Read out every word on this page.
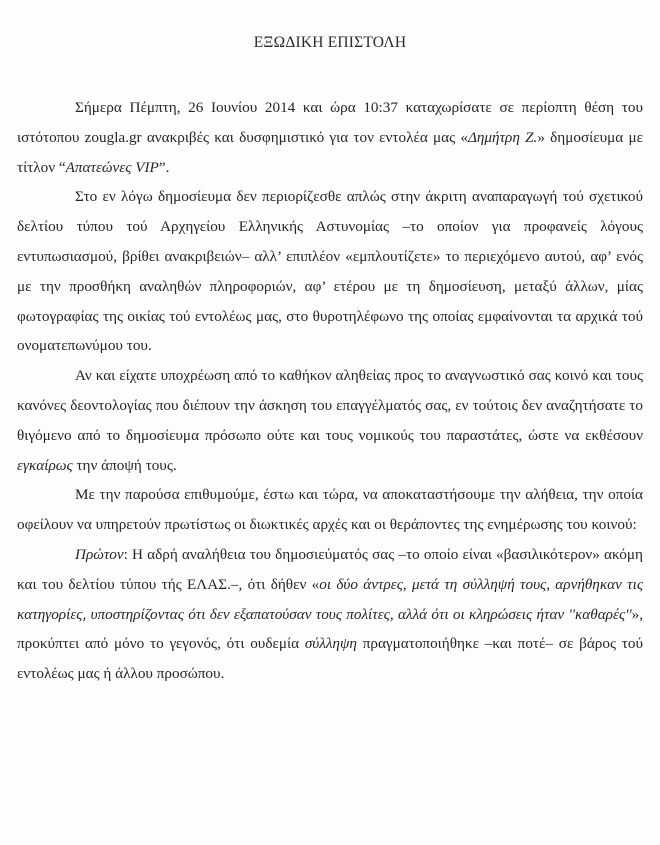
ΕΞΩΔΙΚΗ ΕΠΙΣΤΟΛΗ

Σήμερα Πέμπτη, 26 Ιουνίου 2014 και ώρα 10:37 καταχωρίσατε σε περίοπτη θέση του ιστότοπου zougla.gr ανακριβές και δυσφημιστικό για τον εντολέα μας «Δημήτρη Ζ.» δημοσίευμα με τίτλον “Απατεώνες VIP”.

Στο εν λόγω δημοσίευμα δεν περιορίζεσθε απλώς στην άκριτη αναπαραγωγή τού σχετικού δελτίου τύπου τού Αρχηγείου Ελληνικής Αστυνομίας –το οποίον για προφανείς λόγους εντυπωσιασμού, βρίθει ανακριβειών– αλλ’ επιπλέον «εμπλουτίζετε» το περιεχόμενο αυτού, αφ’ ενός με την προσθήκη αναληθών πληροφοριών, αφ’ ετέρου με τη δημοσίευση, μεταξύ άλλων, μίας φωτογραφίας της οικίας τού εντολέως μας, στο θυροτηλέφωνο της οποίας εμφαίνονται τα αρχικά τού ονοματεπωνύμου του.

Αν και είχατε υποχρέωση από το καθήκον αληθείας προς το αναγνωστικό σας κοινό και τους κανόνες δεοντολογίας που διέπουν την άσκηση του επαγγέλματός σας, εν τούτοις δεν αναζητήσατε το θιγόμενο από το δημοσίευμα πρόσωπο ούτε και τους νομικούς του παραστάτες, ώστε να εκθέσουν εγκαίρως την άποψή τους.

Με την παρούσα επιθυμούμε, έστω και τώρα, να αποκαταστήσουμε την αλήθεια, την οποία οφείλουν να υπηρετούν πρωτίστως οι διωκτικές αρχές και οι θεράποντες της ενημέρωσης του κοινού:

Πρώτον: Η αδρή αναλήθεια του δημοσιεύματός σας –το οποίο είναι «βασιλικότερον» ακόμη και του δελτίου τύπου τής ΕΛΑΣ.–, ότι δήθεν «οι δύο άντρες, μετά τη σύλληψή τους, αρνήθηκαν τις κατηγορίες, υποστηρίζοντας ότι δεν εξαπατούσαν τους πολίτες, αλλά ότι οι κληρώσεις ήταν ''καθαρές''», προκύπτει από μόνο το γεγονός, ότι ουδεμία σύλληψη πραγματοποιήθηκε –και ποτέ– σε βάρος τού εντολέως μας ή άλλου προσώπου.
